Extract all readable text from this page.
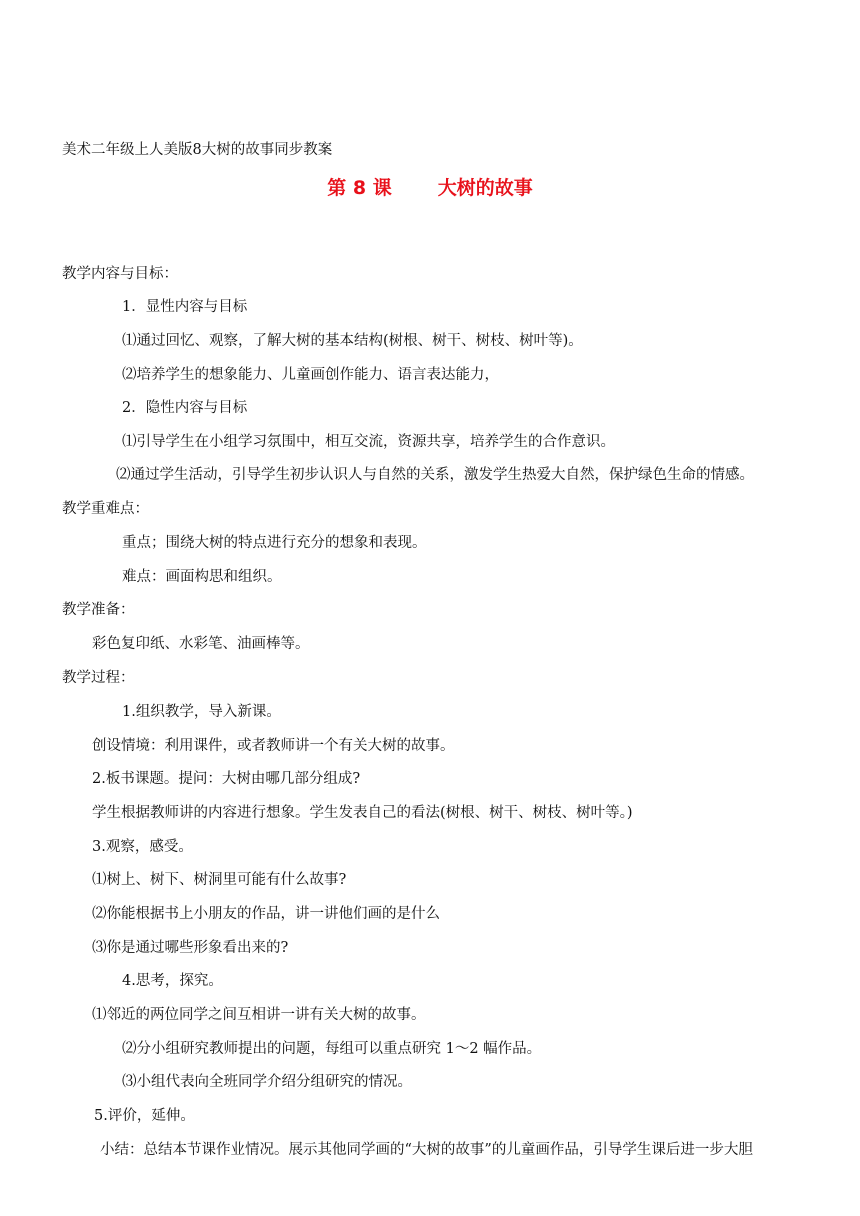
美术二年级上人美版8大树的故事同步教案
第 8 课 大树的故事
教学内容与目标：
1．显性内容与目标
⑴通过回忆、观察，了解大树的基本结构(树根、树干、树枝、树叶等)。
⑵培养学生的想象能力、儿童画创作能力、语言表达能力，
2．隐性内容与目标
⑴引导学生在小组学习氛围中，相互交流，资源共享，培养学生的合作意识。
⑵通过学生活动，引导学生初步认识人与自然的关系，激发学生热爱大自然，保护绿色生命的情感。
教学重难点：
重点；围绕大树的特点进行充分的想象和表现。
难点：画面构思和组织。
教学准备：
彩色复印纸、水彩笔、油画棒等。
教学过程：
1.组织教学，导入新课。
创设情境：利用课件，或者教师讲一个有关大树的故事。
2.板书课题。提问：大树由哪几部分组成?
学生根据教师讲的内容进行想象。学生发表自己的看法(树根、树干、树枝、树叶等。)
3.观察，感受。
⑴树上、树下、树洞里可能有什么故事?
⑵你能根据书上小朋友的作品，讲一讲他们画的是什么
⑶你是通过哪些形象看出来的?
4.思考，探究。
⑴邻近的两位同学之间互相讲一讲有关大树的故事。
⑵分小组研究教师提出的问题，每组可以重点研究 1～2 幅作品。
⑶小组代表向全班同学介绍分组研究的情况。
5.评价，延伸。
小结：总结本节课作业情况。展示其他同学画的“大树的故事”的儿童画作品，引导学生课后进一步大胆
